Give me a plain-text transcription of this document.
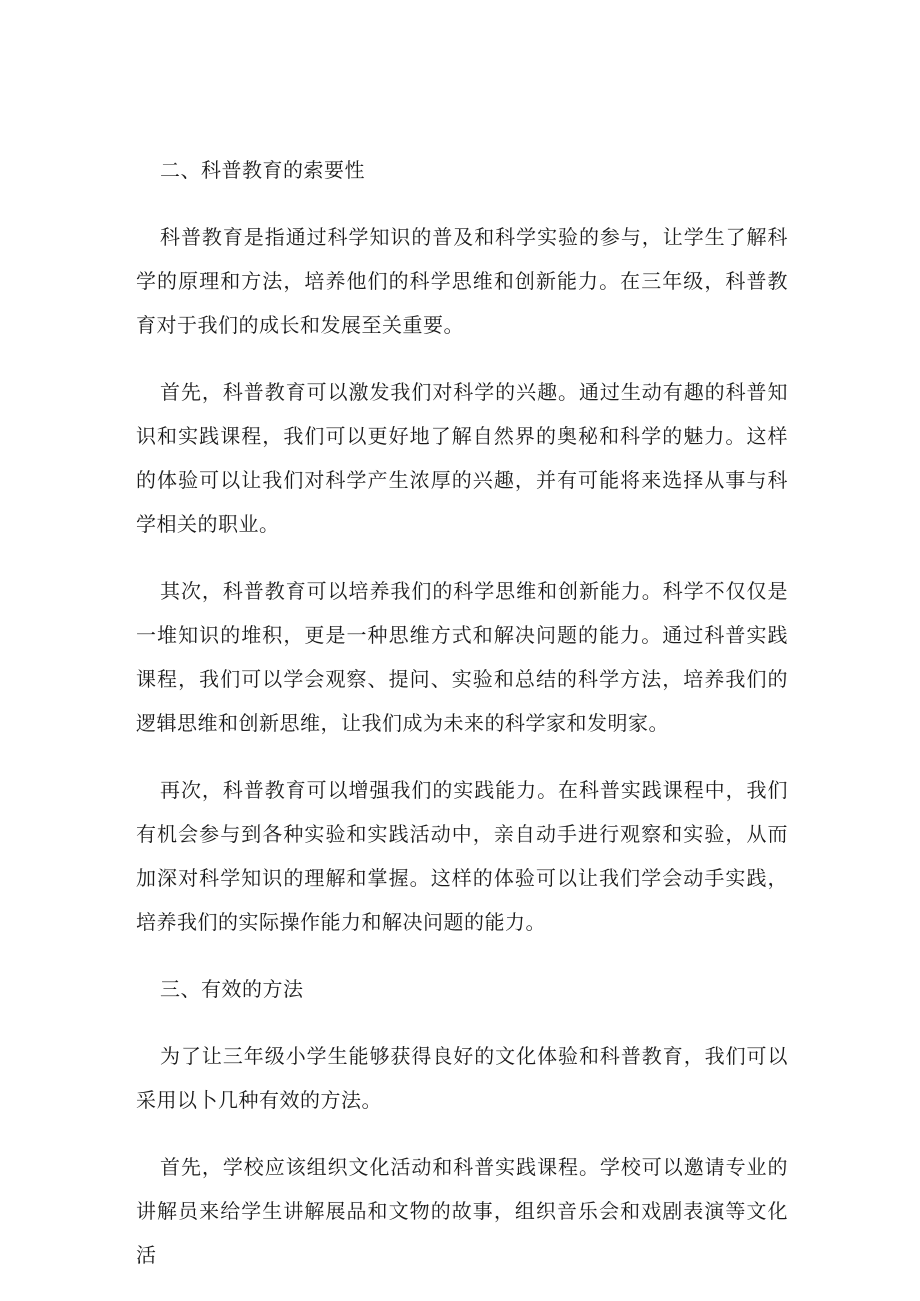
二、科普教育的索要性

科普教育是指通过科学知识的普及和科学实验的参与，让学生了解科学的原理和方法，培养他们的科学思维和创新能力。在三年级，科普教育对于我们的成长和发展至关重要。

首先，科普教育可以激发我们对科学的兴趣。通过生动有趣的科普知识和实践课程，我们可以更好地了解自然界的奥秘和科学的魅力。这样的体验可以让我们对科学产生浓厚的兴趣，并有可能将来选择从事与科学相关的职业。

其次，科普教育可以培养我们的科学思维和创新能力。科学不仅仅是一堆知识的堆积，更是一种思维方式和解决问题的能力。通过科普实践课程，我们可以学会观察、提问、实验和总结的科学方法，培养我们的逻辑思维和创新思维，让我们成为未来的科学家和发明家。

再次，科普教育可以增强我们的实践能力。在科普实践课程中，我们有机会参与到各种实验和实践活动中，亲自动手进行观察和实验，从而加深对科学知识的理解和掌握。这样的体验可以让我们学会动手实践，培养我们的实际操作能力和解决问题的能力。

三、有效的方法

为了让三年级小学生能够获得良好的文化体验和科普教育，我们可以采用以卜几种有效的方法。

首先，学校应该组织文化活动和科普实践课程。学校可以邀请专业的讲解员来给学生讲解展品和文物的故事，组织音乐会和戏剧表演等文化活
